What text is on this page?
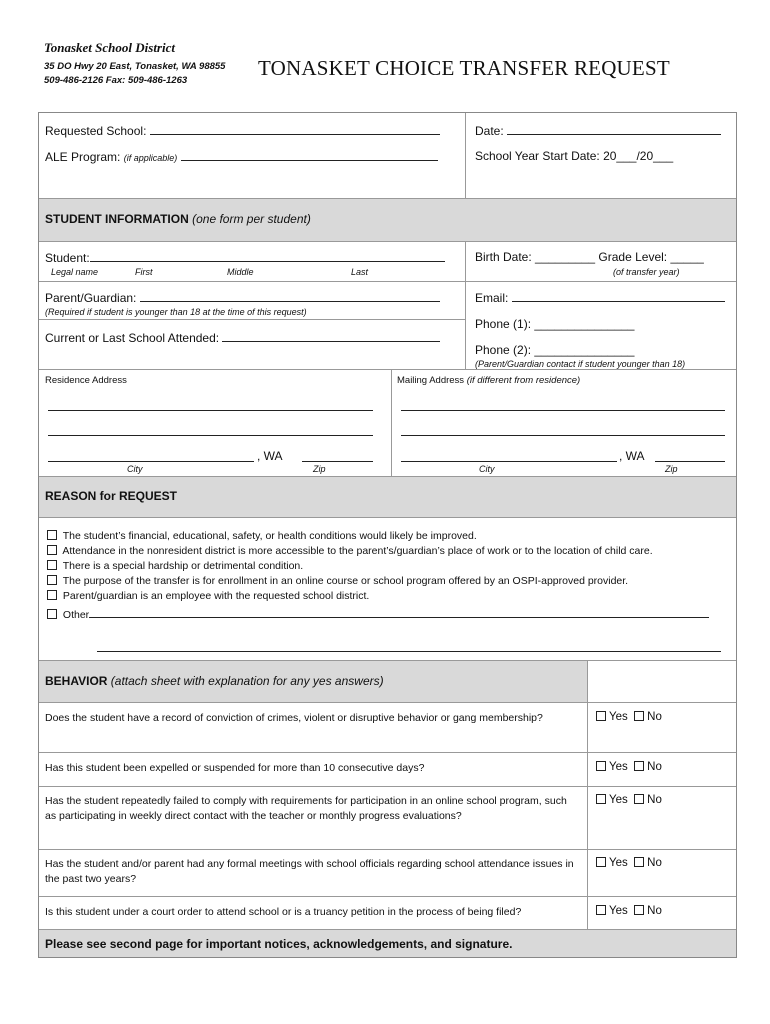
Tonasket School District
35 DO Hwy 20 East, Tonasket, WA 98855
509-486-2126 Fax: 509-486-1263
TONASKET CHOICE TRANSFER REQUEST
Requested School:	Date:
ALE Program: (if applicable)	School Year Start Date: 20___/20___
STUDENT INFORMATION (one form per student)
Student:
Legal name	First	Middle	Last
Birth Date: _________ Grade Level: _____
(of transfer year)
Parent/Guardian:
(Required if student is younger than 18 at the time of this request)
Current or Last School Attended:
Email:
Phone (1): _______________
Phone (2): _______________
(Parent/Guardian contact if student younger than 18)
Residence Address	Mailing Address (if different from residence)
, WA
City	Zip
, WA
City	Zip
REASON for REQUEST
The student’s financial, educational, safety, or health conditions would likely be improved.
Attendance in the nonresident district is more accessible to the parent’s/guardian’s place of work or to the location of child care.
There is a special hardship or detrimental condition.
The purpose of the transfer is for enrollment in an online course or school program offered by an OSPI-approved provider.
Parent/guardian is an employee with the requested school district.
Other
BEHAVIOR (attach sheet with explanation for any yes answers)
Does the student have a record of conviction of crimes, violent or disruptive behavior or gang membership?	Yes No
Has this student been expelled or suspended for more than 10 consecutive days?	Yes No
Has the student repeatedly failed to comply with requirements for participation in an online school program, such as participating in weekly direct contact with the teacher or monthly progress evaluations?
Yes No
Has the student and/or parent had any formal meetings with school officials regarding school attendance issues in the past two years?
Yes No
Is this student under a court order to attend school or is a truancy petition in the process of being filed?	Yes No
Please see second page for important notices, acknowledgements, and signature.
